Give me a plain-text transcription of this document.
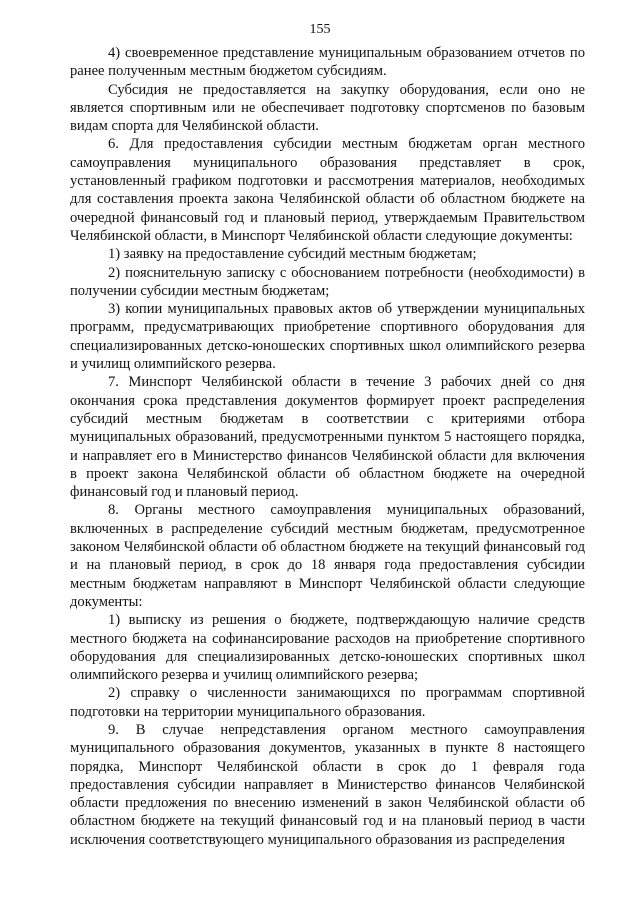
155

4) своевременное представление муниципальным образованием отчетов по ранее полученным местным бюджетом субсидиям.

Субсидия не предоставляется на закупку оборудования, если оно не является спортивным или не обеспечивает подготовку спортсменов по базовым видам спорта для Челябинской области.

6. Для предоставления субсидии местным бюджетам орган местного самоуправления муниципального образования представляет в срок, установленный графиком подготовки и рассмотрения материалов, необходимых для составления проекта закона Челябинской области об областном бюджете на очередной финансовый год и плановый период, утверждаемым Правительством Челябинской области, в Минспорт Челябинской области следующие документы:

1) заявку на предоставление субсидий местным бюджетам;

2) пояснительную записку с обоснованием потребности (необходимости) в получении субсидии местным бюджетам;

3) копии муниципальных правовых актов об утверждении муниципальных программ, предусматривающих приобретение спортивного оборудования для специализированных детско-юношеских спортивных школ олимпийского резерва и училищ олимпийского резерва.

7. Минспорт Челябинской области в течение 3 рабочих дней со дня окончания срока представления документов формирует проект распределения субсидий местным бюджетам в соответствии с критериями отбора муниципальных образований, предусмотренными пунктом 5 настоящего порядка, и направляет его в Министерство финансов Челябинской области для включения в проект закона Челябинской области об областном бюджете на очередной финансовый год и плановый период.

8. Органы местного самоуправления муниципальных образований, включенных в распределение субсидий местным бюджетам, предусмотренное законом Челябинской области об областном бюджете на текущий финансовый год и на плановый период, в срок до 18 января года предоставления субсидии местным бюджетам направляют в Минспорт Челябинской области следующие документы:

1) выписку из решения о бюджете, подтверждающую наличие средств местного бюджета на софинансирование расходов на приобретение спортивного оборудования для специализированных детско-юношеских спортивных школ олимпийского резерва и училищ олимпийского резерва;

2) справку о численности занимающихся по программам спортивной подготовки на территории муниципального образования.

9. В случае непредставления органом местного самоуправления муниципального образования документов, указанных в пункте 8 настоящего порядка, Минспорт Челябинской области в срок до 1 февраля года предоставления субсидии направляет в Министерство финансов Челябинской области предложения по внесению изменений в закон Челябинской области об областном бюджете на текущий финансовый год и на плановый период в части исключения соответствующего муниципального образования из распределения
